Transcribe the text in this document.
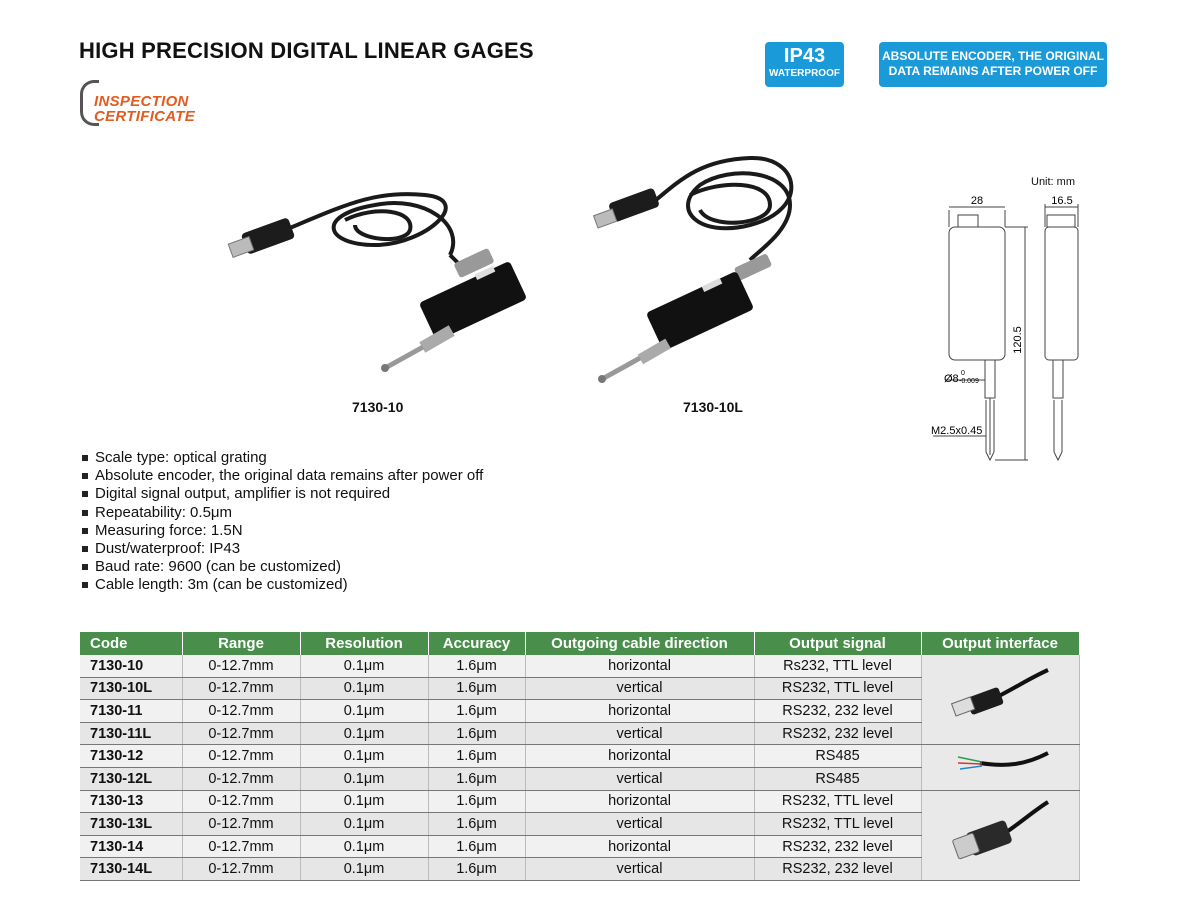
HIGH PRECISION DIGITAL LINEAR GAGES
INSPECTION
CERTIFICATE
IP43
WATERPROOF
ABSOLUTE ENCODER, THE ORIGINAL
DATA REMAINS AFTER POWER OFF
7130-10	7130-10L
Unit: mm
28	16.5
120.5
Ø8 0
-0.009
M2.5x0.45
Scale type: optical grating
Absolute encoder, the original data remains after power off
Digital signal output, amplifier is not required
Repeatability: 0.5μm
Measuring force: 1.5N
Dust/waterproof: IP43
Baud rate: 9600 (can be customized)
Cable length: 3m (can be customized)
Code	Range	Resolution	Accuracy	Outgoing cable direction	Output signal	Output interface
7130-10	0-12.7mm	0.1μm	1.6μm	horizontal	Rs232, TTL level	
7130-10L	0-12.7mm	0.1μm	1.6μm	vertical	RS232, TTL level	
7130-11	0-12.7mm	0.1μm	1.6μm	horizontal	RS232, 232 level	
7130-11L	0-12.7mm	0.1μm	1.6μm	vertical	RS232, 232 level	
7130-12	0-12.7mm	0.1μm	1.6μm	horizontal	RS485	
7130-12L	0-12.7mm	0.1μm	1.6μm	vertical	RS485	
7130-13	0-12.7mm	0.1μm	1.6μm	horizontal	RS232, TTL level	
7130-13L	0-12.7mm	0.1μm	1.6μm	vertical	RS232, TTL level	
7130-14	0-12.7mm	0.1μm	1.6μm	horizontal	RS232, 232 level	
7130-14L	0-12.7mm	0.1μm	1.6μm	vertical	RS232, 232 level	
